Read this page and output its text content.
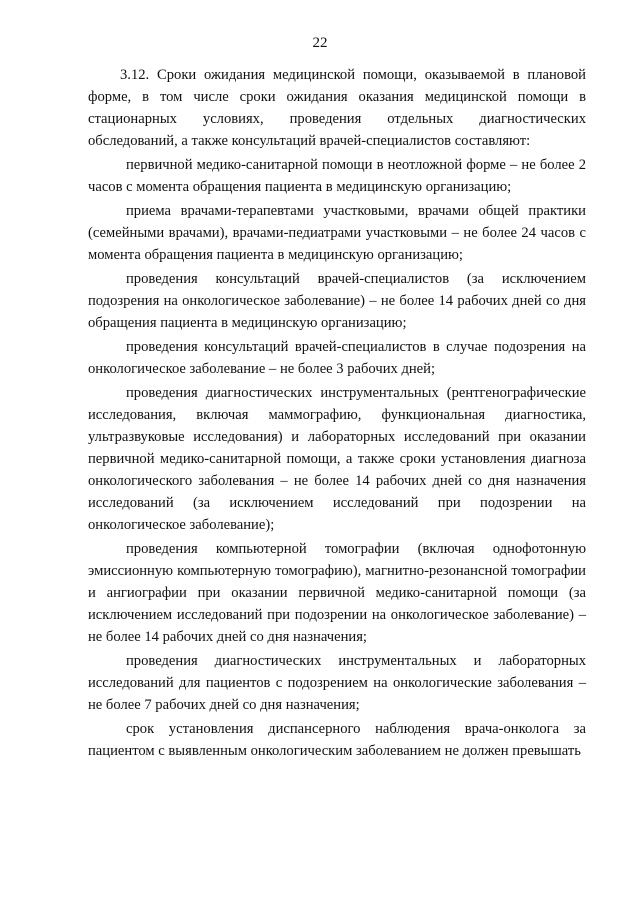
22

3.12. Сроки ожидания медицинской помощи, оказываемой в плановой форме, в том числе сроки ожидания оказания медицинской помощи в стационарных условиях, проведения отдельных диагностических обследований, а также консультаций врачей-специалистов составляют:

первичной медико-санитарной помощи в неотложной форме – не более 2 часов с момента обращения пациента в медицинскую организацию;

приема врачами-терапевтами участковыми, врачами общей практики (семейными врачами), врачами-педиатрами участковыми – не более 24 часов с момента обращения пациента в медицинскую организацию;

проведения консультаций врачей-специалистов (за исключением подозрения на онкологическое заболевание) – не более 14 рабочих дней со дня обращения пациента в медицинскую организацию;

проведения консультаций врачей-специалистов в случае подозрения на онкологическое заболевание – не более 3 рабочих дней;

проведения диагностических инструментальных (рентгенографические исследования, включая маммографию, функциональная диагностика, ультразвуковые исследования) и лабораторных исследований при оказании первичной медико-санитарной помощи, а также сроки установления диагноза онкологического заболевания – не более 14 рабочих дней со дня назначения исследований (за исключением исследований при подозрении на онкологическое заболевание);

проведения компьютерной томографии (включая однофотонную эмиссионную компьютерную томографию), магнитно-резонансной томографии и ангиографии при оказании первичной медико-санитарной помощи (за исключением исследований при подозрении на онкологическое заболевание) – не более 14 рабочих дней со дня назначения;

проведения диагностических инструментальных и лабораторных исследований для пациентов с подозрением на онкологические заболевания – не более 7 рабочих дней со дня назначения;

срок установления диспансерного наблюдения врача-онколога за пациентом с выявленным онкологическим заболеванием не должен превышать
